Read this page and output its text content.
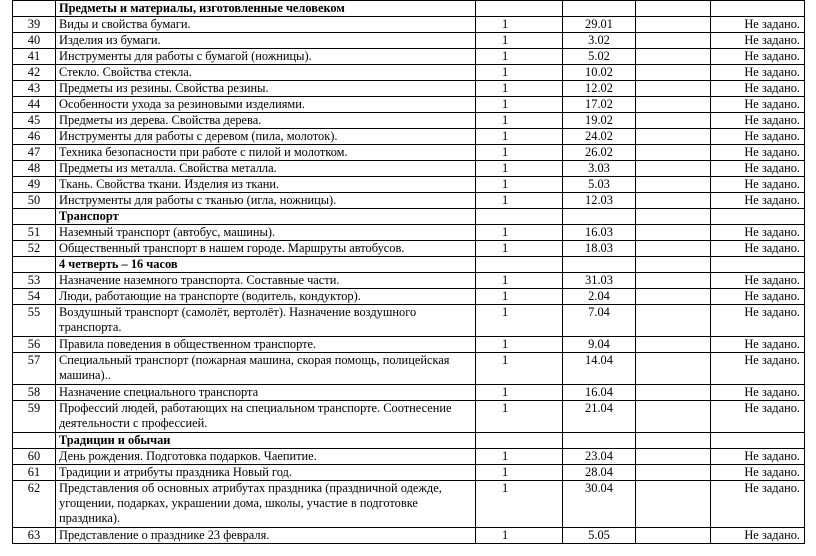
	Предметы и материалы, изготовленные человеком				
39	Виды и свойства бумаги.	1	29.01		Не задано.
40	Изделия из бумаги.	1	3.02		Не задано.
41	Инструменты для работы с бумагой (ножницы).	1	5.02		Не задано.
42	Стекло. Свойства стекла.	1	10.02		Не задано.
43	Предметы из резины. Свойства резины.	1	12.02		Не задано.
44	Особенности ухода за резиновыми изделиями.	1	17.02		Не задано.
45	Предметы из дерева. Свойства дерева.	1	19.02		Не задано.
46	Инструменты для работы с деревом (пила, молоток).	1	24.02		Не задано.
47	Техника безопасности при работе с пилой и молотком.	1	26.02		Не задано.
48	Предметы из металла. Свойства металла.	1	3.03		Не задано.
49	Ткань. Свойства ткани. Изделия из ткани.	1	5.03		Не задано.
50	Инструменты для работы с тканью (игла, ножницы).	1	12.03		Не задано.
	Транспорт				
51	Наземный транспорт (автобус, машины).	1	16.03		Не задано.
52	Общественный транспорт в нашем городе. Маршруты автобусов.	1	18.03		Не задано.
	4 четверть – 16 часов				
53	Назначение наземного транспорта. Составные части.	1	31.03		Не задано.
54	Люди, работающие на транспорте (водитель, кондуктор).	1	2.04		Не задано.
55	Воздушный транспорт (самолёт, вертолёт). Назначение воздушного транспорта.	1	7.04		Не задано.
56	Правила поведения в общественном транспорте.	1	9.04		Не задано.
57	Специальный транспорт (пожарная машина, скорая помощь, полицейская машина)..	1	14.04		Не задано.
58	Назначение специального транспорта	1	16.04		Не задано.
59	Профессий людей, работающих на специальном транспорте. Соотнесение деятельности с профессией.	1	21.04		Не задано.
	Традиции и обычаи				
60	День рождения. Подготовка подарков. Чаепитие.	1	23.04		Не задано.
61	Традиции и атрибуты праздника Новый год.	1	28.04		Не задано.
62	Представления об основных атрибутах праздника (праздничной одежде, угощении, подарках, украшении дома, школы, участие в подготовке праздника).	1	30.04		Не задано.
63	Представление о празднике 23 февраля.	1	5.05		Не задано.
